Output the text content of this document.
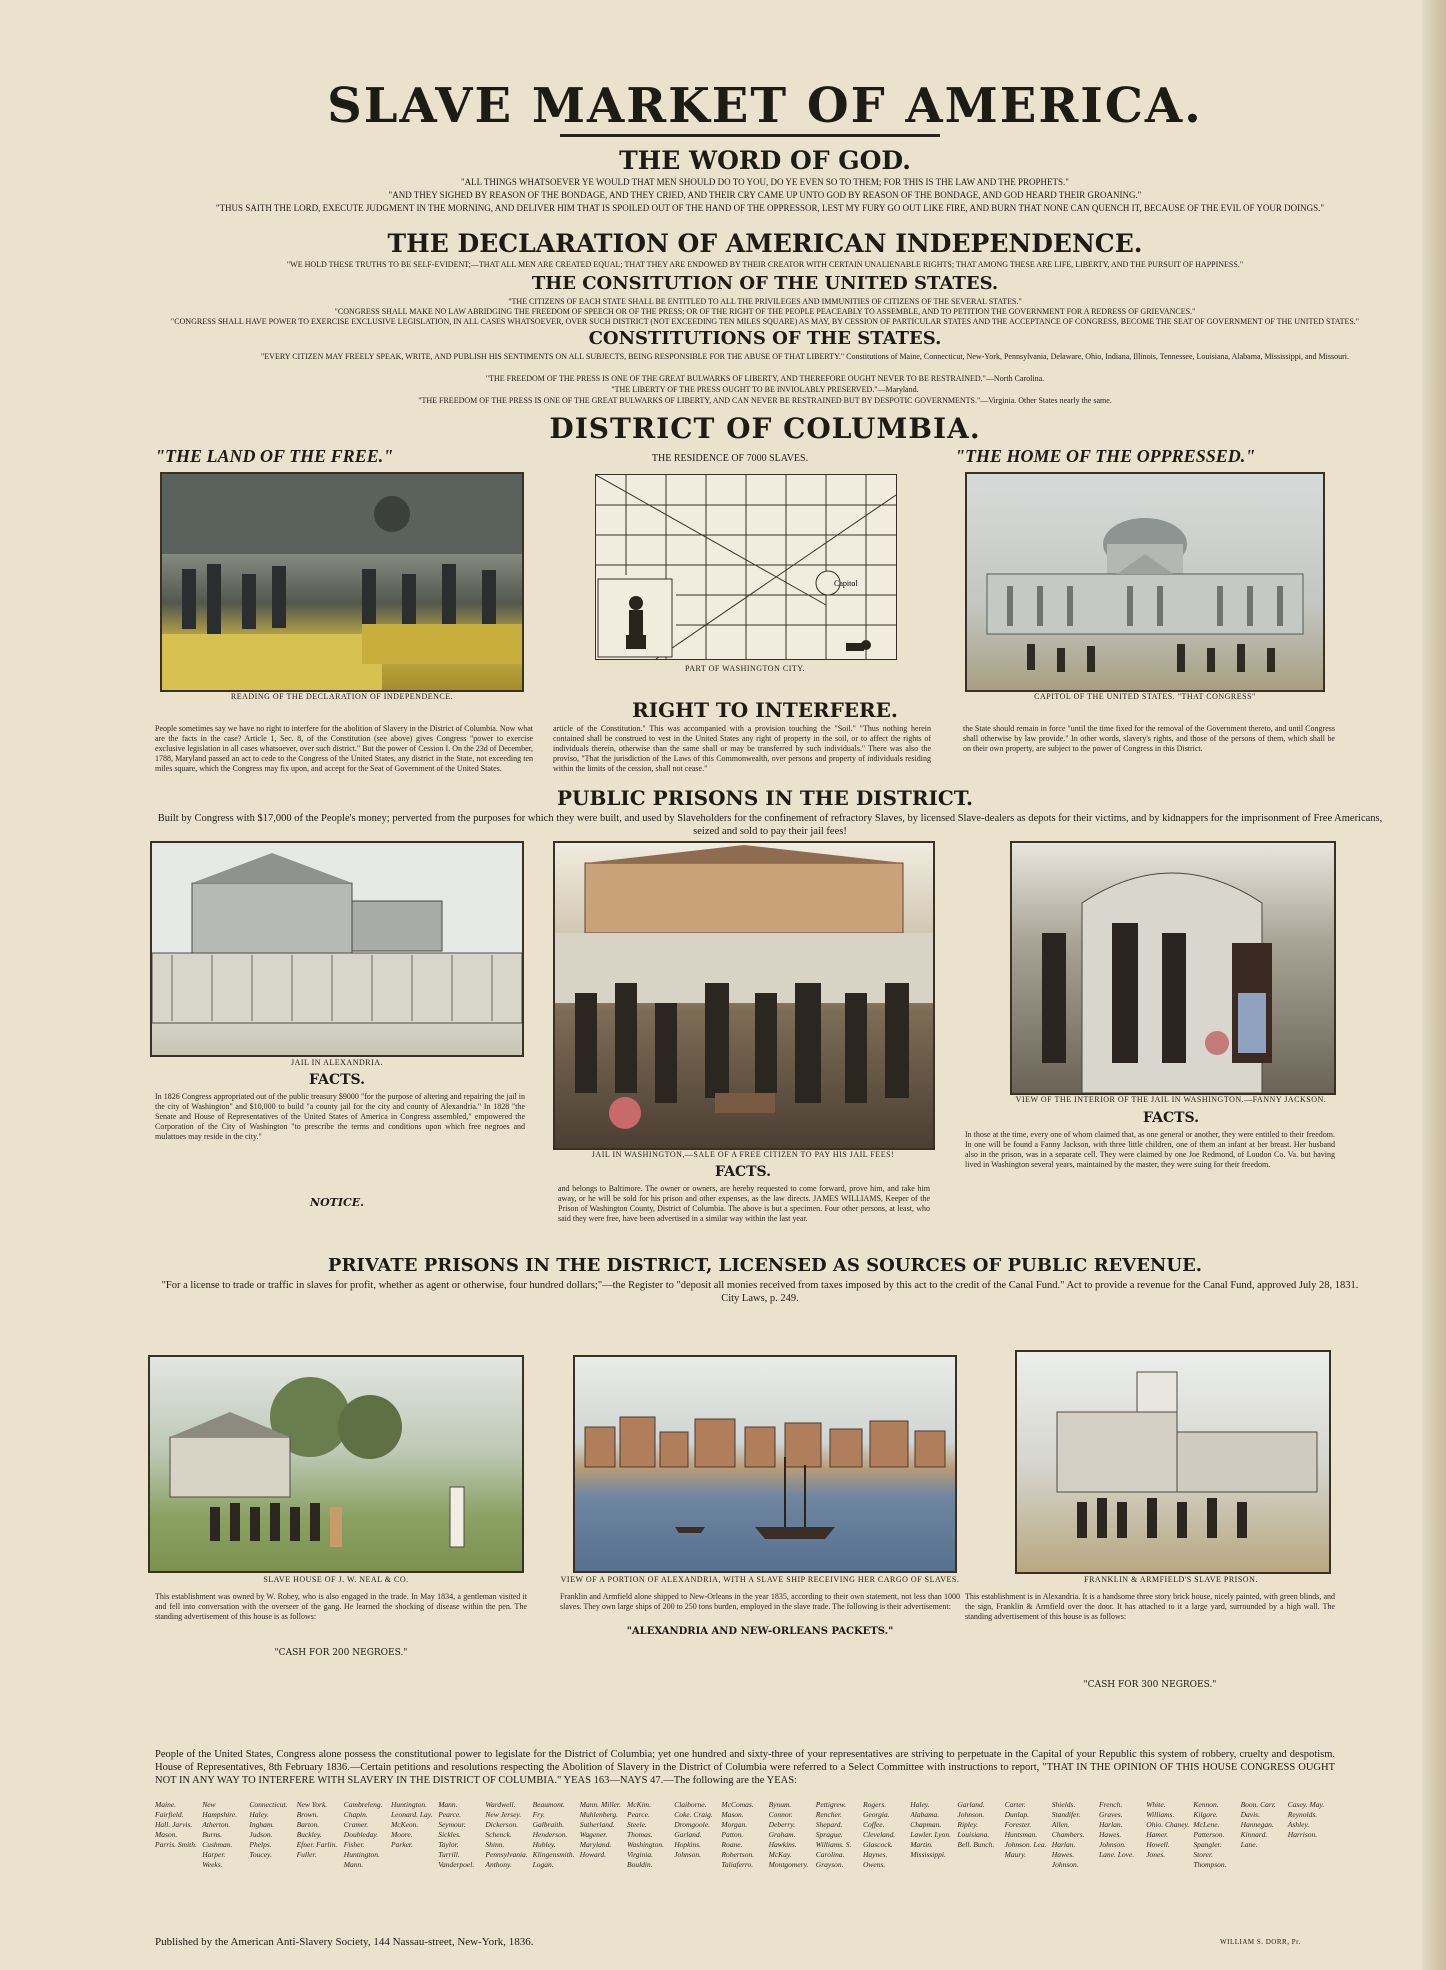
SLAVE MARKET OF AMERICA.
THE WORD OF GOD.
"ALL THINGS WHATSOEVER YE WOULD THAT MEN SHOULD DO TO YOU, DO YE EVEN SO TO THEM; FOR THIS IS THE LAW AND THE PROPHETS."
"AND THEY SIGHED BY REASON OF THE BONDAGE, AND THEY CRIED, AND THEIR CRY CAME UP UNTO GOD BY REASON OF THE BONDAGE, AND GOD HEARD THEIR GROANING."
"THUS SAITH THE LORD, EXECUTE JUDGMENT IN THE MORNING, AND DELIVER HIM THAT IS SPOILED OUT OF THE HAND OF THE OPPRESSOR, LEST MY FURY GO OUT LIKE FIRE, AND BURN THAT NONE CAN QUENCH IT, BECAUSE OF THE EVIL OF YOUR DOINGS."
THE DECLARATION OF AMERICAN INDEPENDENCE.
"WE HOLD THESE TRUTHS TO BE SELF-EVIDENT;—THAT ALL MEN ARE CREATED EQUAL; THAT THEY ARE ENDOWED BY THEIR CREATOR WITH CERTAIN UNALIENABLE RIGHTS; THAT AMONG THESE ARE LIFE, LIBERTY, AND THE PURSUIT OF HAPPINESS."
THE CONSITUTION OF THE UNITED STATES.
"THE CITIZENS OF EACH STATE SHALL BE ENTITLED TO ALL THE PRIVILEGES AND IMMUNITIES OF CITIZENS OF THE SEVERAL STATES."
"CONGRESS SHALL MAKE NO LAW ABRIDGING THE FREEDOM OF SPEECH OR OF THE PRESS; OR OF THE RIGHT OF THE PEOPLE PEACEABLY TO ASSEMBLE, AND TO PETITION THE GOVERNMENT FOR A REDRESS OF GRIEVANCES."
"CONGRESS SHALL HAVE POWER TO EXERCISE EXCLUSIVE LEGISLATION, IN ALL CASES WHATSOEVER, OVER SUCH DISTRICT (NOT EXCEEDING TEN MILES SQUARE) AS MAY, BY CESSION OF PARTICULAR STATES AND THE ACCEPTANCE OF CONGRESS, BECOME THE SEAT OF GOVERNMENT OF THE UNITED STATES."
CONSTITUTIONS OF THE STATES.
"EVERY CITIZEN MAY FREELY SPEAK, WRITE, AND PUBLISH HIS SENTIMENTS ON ALL SUBJECTS, BEING RESPONSIBLE FOR THE ABUSE OF THAT LIBERTY." Constitutions of Maine, Connecticut, New-York, Pennsylvania, Delaware, Ohio, Indiana, Illinois, Tennessee, Louisiana, Alabama, Mississippi, and Missouri.
"THE FREEDOM OF THE PRESS IS ONE OF THE GREAT BULWARKS OF LIBERTY, AND THEREFORE OUGHT NEVER TO BE RESTRAINED."—North Carolina.
"THE LIBERTY OF THE PRESS OUGHT TO BE INVIOLABLY PRESERVED."—Maryland.
"THE FREEDOM OF THE PRESS IS ONE OF THE GREAT BULWARKS OF LIBERTY, AND CAN NEVER BE RESTRAINED BUT BY DESPOTIC GOVERNMENTS."—Virginia. Other States nearly the same.
DISTRICT OF COLUMBIA.
"THE LAND OF THE FREE."	THE RESIDENCE OF 7000 SLAVES.	"THE HOME OF THE OPPRESSED."
READING OF THE DECLARATION OF INDEPENDENCE.
Capitol
PART OF WASHINGTON CITY.
CAPITOL OF THE UNITED STATES. "THAT CONGRESS"
RIGHT TO INTERFERE.
People sometimes say we have no right to interfere for the abolition of Slavery in the District of Columbia. Now what are the facts in the case? Article 1, Sec. 8, of the Constitution (see above) gives Congress "power to exercise exclusive legislation in all cases whatsoever, over such district." But the power of Cession I. On the 23d of December, 1788, Maryland passed an act to cede to the Congress of the United States, any district in the State, not exceeding ten miles square, which the Congress may fix upon, and accept for the Seat of Government of the United States.
article of the Constitution." This was accompanied with a provision touching the "Soil." "Thus nothing herein contained shall be construed to vest in the United States any right of property in the soil, or to affect the rights of individuals therein, otherwise than the same shall or may be transferred by such individuals." There was also the proviso, "That the jurisdiction of the Laws of this Commonwealth, over persons and property of individuals residing within the limits of the cession, shall not cease."
the State should remain in force "until the time fixed for the removal of the Government thereto, and until Congress shall otherwise by law provide." In other words, slavery's rights, and those of the persons of them, which shall be on their own property, are subject to the power of Congress in this District.
PUBLIC PRISONS IN THE DISTRICT.
Built by Congress with $17,000 of the People's money; perverted from the purposes for which they were built, and used by Slaveholders for the confinement of refractory Slaves, by licensed Slave-dealers as depots for their victims, and by kidnappers for the imprisonment of Free Americans, seized and sold to pay their jail fees!
JAIL IN ALEXANDRIA.
FACTS.
In 1826 Congress appropriated out of the public treasury $9000 "for the purpose of altering and repairing the jail in the city of Washington" and $10,000 to build "a county jail for the city and county of Alexandria." In 1828 "the Senate and House of Representatives of the United States of America in Congress assembled," empowered the Corporation of the City of Washington "to prescribe the terms and conditions upon which free negroes and mulattoes may reside in the city."
NOTICE.
JAIL IN WASHINGTON,—SALE OF A FREE CITIZEN TO PAY HIS JAIL FEES!
FACTS.
and belongs to Baltimore. The owner or owners, are hereby requested to come forward, prove him, and take him away, or he will be sold for his prison and other expenses, as the law directs. JAMES WILLIAMS, Keeper of the Prison of Washington County, District of Columbia. The above is but a specimen. Four other persons, at least, who said they were free, have been advertised in a similar way within the last year.
VIEW OF THE INTERIOR OF THE JAIL IN WASHINGTON.—FANNY JACKSON.
FACTS.
In those at the time, every one of whom claimed that, as one general or another, they were entitled to their freedom. In one will be found a Fanny Jackson, with three little children, one of them an infant at her breast. Her husband also in the prison, was in a separate cell. They were claimed by one Joe Redmond, of Loudon Co. Va. but having lived in Washington several years, maintained by the master, they were suing for their freedom.
PRIVATE PRISONS IN THE DISTRICT, LICENSED AS SOURCES OF PUBLIC REVENUE.
"For a license to trade or traffic in slaves for profit, whether as agent or otherwise, four hundred dollars;"—the Register to "deposit all monies received from taxes imposed by this act to the credit of the Canal Fund." Act to provide a revenue for the Canal Fund, approved July 28, 1831. City Laws, p. 249.
SLAVE HOUSE OF J. W. NEAL & CO.
This establishment was owned by W. Robey, who is also engaged in the trade. In May 1834, a gentleman visited it and fell into conversation with the overseer of the gang. He learned the shocking of disease within the pen. The standing advertisement of this house is as follows:
"CASH FOR 200 NEGROES."
VIEW OF A PORTION OF ALEXANDRIA, WITH A SLAVE SHIP RECEIVING HER CARGO OF SLAVES.
Franklin and Armfield alone shipped to New-Orleans in the year 1835, according to their own statement, not less than 1000 slaves. They own large ships of 200 to 250 tons burden, employed in the slave trade. The following is their advertisement:
"ALEXANDRIA AND NEW-ORLEANS PACKETS."
FRANKLIN & ARMFIELD'S SLAVE PRISON.
This establishment is in Alexandria. It is a handsome three story brick house, nicely painted, with green blinds, and the sign, Franklin & Armfield over the door. It has attached to it a large yard, surrounded by a high wall. The standing advertisement of this house is as follows:
"CASH FOR 300 NEGROES."
People of the United States, Congress alone possess the constitutional power to legislate for the District of Columbia; yet one hundred and sixty-three of your representatives are striving to perpetuate in the Capital of your Republic this system of robbery, cruelty and despotism. House of Representatives, 8th February 1836.—Certain petitions and resolutions respecting the Abolition of Slavery in the District of Columbia were referred to a Select Committee with instructions to report, "THAT IN THE OPINION OF THIS HOUSE CONGRESS OUGHT NOT IN ANY WAY TO INTERFERE WITH SLAVERY IN THE DISTRICT OF COLUMBIA." YEAS 163—NAYS 47.—The following are the YEAS:
Maine. Fairfield. Hall. Jarvis. Mason. Parris. Smith.
New Hampshire. Atherton. Burns. Cushman. Harper. Weeks.
Connecticut. Haley. Ingham. Judson. Phelps. Toucey.
New York. Brown. Barton. Buckley. Efner. Farlin. Fuller.
Cambreleng. Chapin. Cramer. Doubleday. Fisher. Huntington. Mann.
Huntington. Leonard. Lay. McKeon. Moore. Parker.
Mann. Pearce. Seymour. Sickles. Taylor. Turrill. Vanderpoel.
Wardwell. New Jersey. Dickerson. Schenck. Shinn. Pennsylvania. Anthony.
Beaumont. Fry. Galbraith. Henderson. Hubley. Klingensmith. Logan.
Mann. Miller. Muhlenberg. Sutherland. Wagener. Maryland. Howard.
McKim. Pearce. Steele. Thomas. Washington. Virginia. Bouldin.
Claiborne. Coke. Craig. Dromgoole. Garland. Hopkins. Johnson.
McComas. Mason. Morgan. Patton. Roane. Robertson. Taliaferro.
Bynum. Connor. Deberry. Graham. Hawkins. McKay. Montgomery.
Pettigrew. Rencher. Shepard. Sprague. Williams. S. Carolina. Grayson.
Rogers. Georgia. Coffee. Cleveland. Glascock. Haynes. Owens.
Haley. Alabama. Chapman. Lawler. Lyon. Martin. Mississippi.
Garland. Johnson. Ripley. Louisiana. Bell. Bunch.
Carter. Dunlap. Forester. Huntsman. Johnson. Lea. Maury.
Shields. Standifer. Allen. Chambers. Harlan. Hawes. Johnson.
French. Graves. Harlan. Hawes. Johnson. Lane. Love.
White. Williams. Ohio. Chaney. Hamer. Howell. Jones.
Kennon. Kilgore. McLene. Patterson. Spangler. Storer. Thompson.
Boon. Carr. Davis. Hannegan. Kinnard. Lane.
Casey. May. Reynolds. Ashley. Harrison.
Published by the American Anti-Slavery Society, 144 Nassau-street, New-York, 1836.	WILLIAM S. DORR, Pr.
